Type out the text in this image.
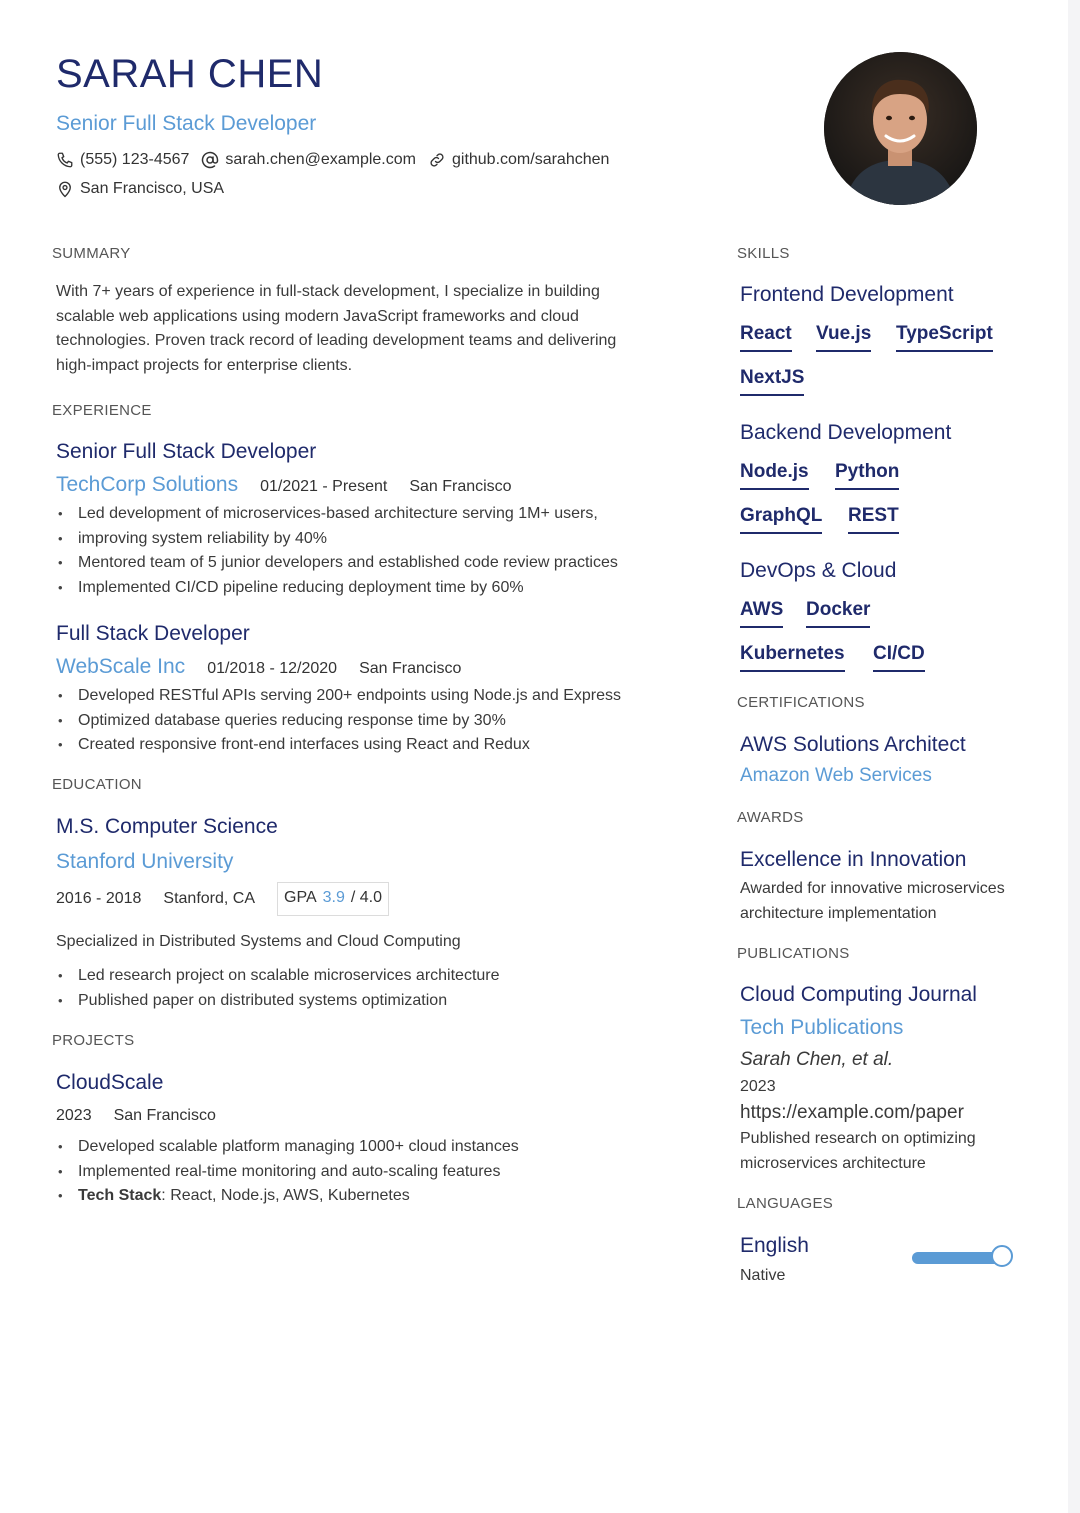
SARAH CHEN
Senior Full Stack Developer
(555) 123-4567 sarah.chen@example.com github.com/sarahchen
San Francisco, USA
SUMMARY
With 7+ years of experience in full-stack development, I specialize in building
scalable web applications using modern JavaScript frameworks and cloud
technologies. Proven track record of leading development teams and delivering
high-impact projects for enterprise clients.
EXPERIENCE
Senior Full Stack Developer
TechCorp Solutions 01/2021 - Present San Francisco
• Led development of microservices-based architecture serving 1M+ users,
• improving system reliability by 40%
• Mentored team of 5 junior developers and established code review practices
• Implemented CI/CD pipeline reducing deployment time by 60%
Full Stack Developer
WebScale Inc 01/2018 - 12/2020 San Francisco
• Developed RESTful APIs serving 200+ endpoints using Node.js and Express
• Optimized database queries reducing response time by 30%
• Created responsive front-end interfaces using React and Redux
EDUCATION
M.S. Computer Science
Stanford University
2016 - 2018 Stanford, CA GPA 3.9 / 4.0
Specialized in Distributed Systems and Cloud Computing
• Led research project on scalable microservices architecture
• Published paper on distributed systems optimization
PROJECTS
CloudScale
2023 San Francisco
• Developed scalable platform managing 1000+ cloud instances
• Implemented real-time monitoring and auto-scaling features
• Tech Stack: React, Node.js, AWS, Kubernetes
SKILLS
Frontend Development
React Vue.js TypeScript
NextJS
Backend Development
Node.js Python
GraphQL REST
DevOps & Cloud
AWS Docker
Kubernetes CI/CD
CERTIFICATIONS
AWS Solutions Architect
Amazon Web Services
AWARDS
Excellence in Innovation
Awarded for innovative microservices
architecture implementation
PUBLICATIONS
Cloud Computing Journal
Tech Publications
Sarah Chen, et al.
2023
https://example.com/paper
Published research on optimizing
microservices architecture
LANGUAGES
English
Native
